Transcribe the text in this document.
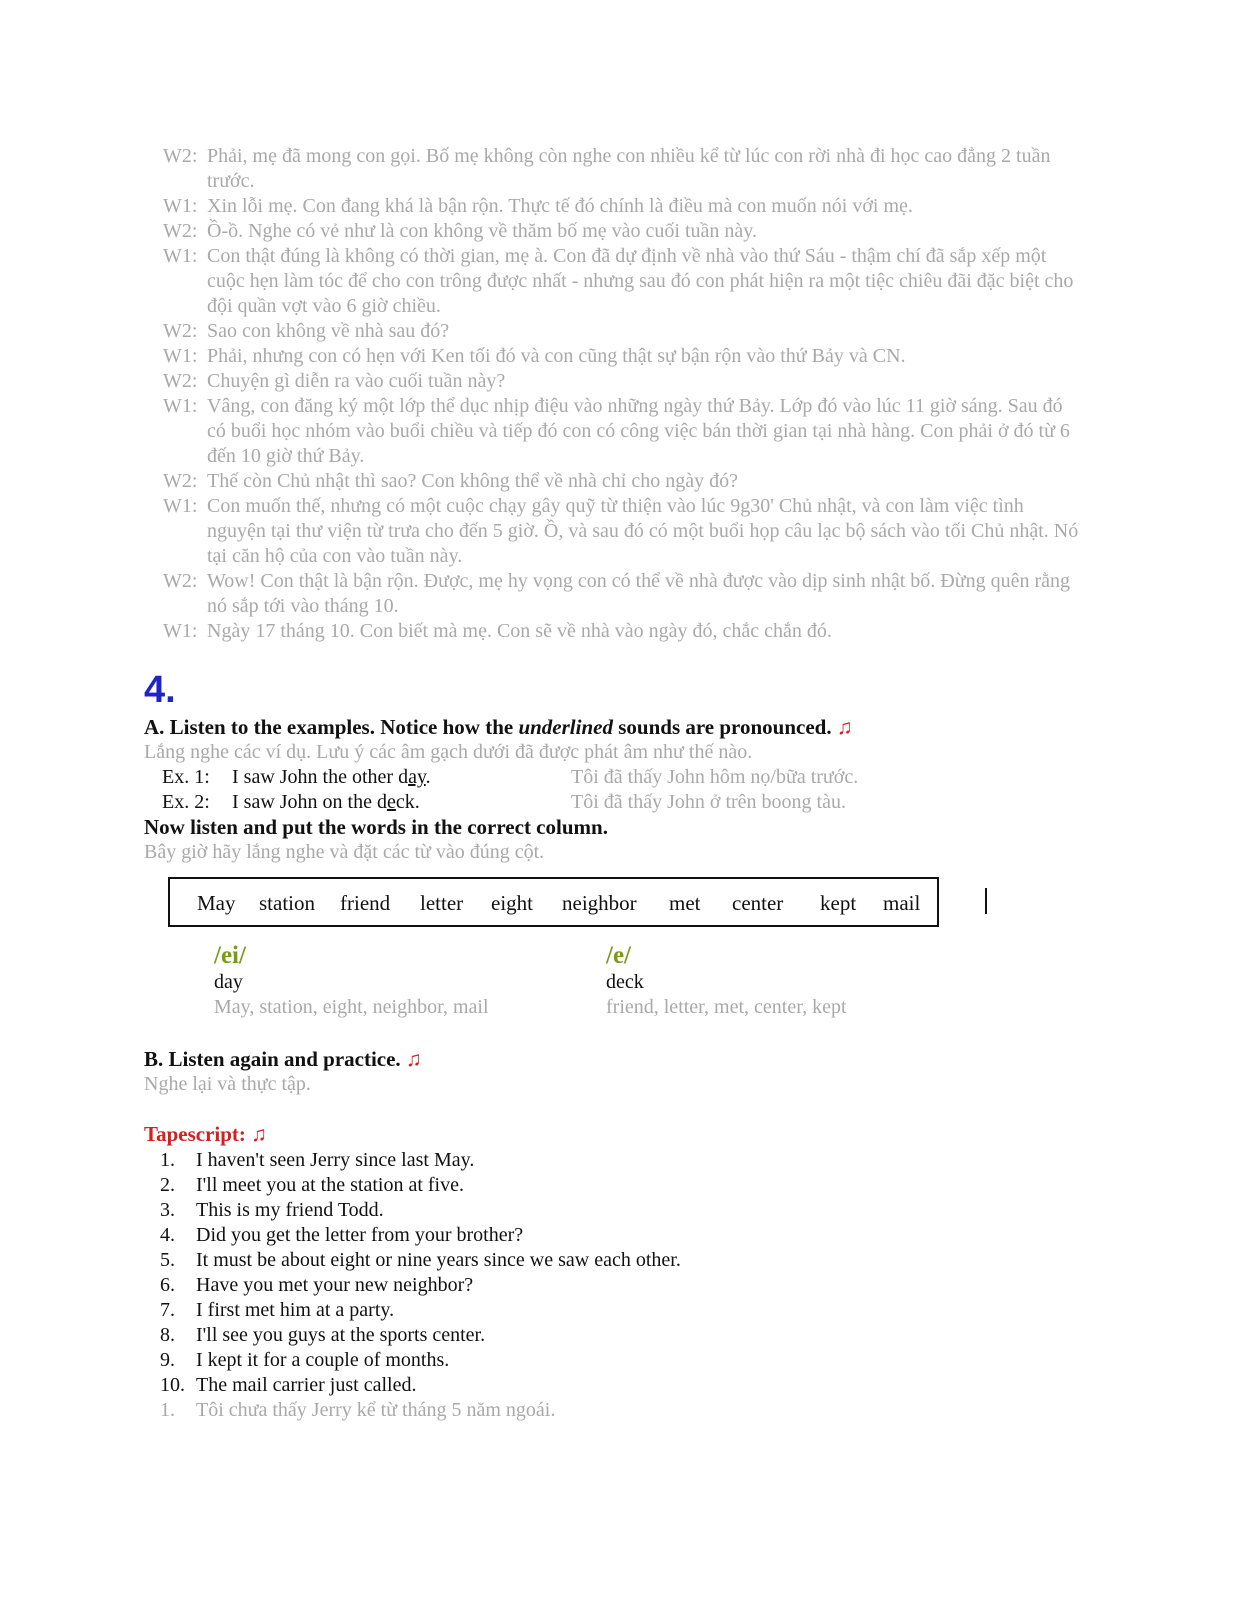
W2: Phải, mẹ đã mong con gọi. Bố mẹ không còn nghe con nhiều kể từ lúc con rời nhà đi học cao đẳng 2 tuần trước.
W1: Xin lỗi mẹ. Con đang khá là bận rộn. Thực tế đó chính là điều mà con muốn nói với mẹ.
W2: Ồ-ồ. Nghe có vẻ như là con không về thăm bố mẹ vào cuối tuần này.
W1: Con thật đúng là không có thời gian, mẹ à. Con đã dự định về nhà vào thứ Sáu - thậm chí đã sắp xếp một cuộc hẹn làm tóc để cho con trông được nhất - nhưng sau đó con phát hiện ra một tiệc chiêu đãi đặc biệt cho đội quần vợt vào 6 giờ chiều.
W2: Sao con không về nhà sau đó?
W1: Phải, nhưng con có hẹn với Ken tối đó và con cũng thật sự bận rộn vào thứ Bảy và CN.
W2: Chuyện gì diễn ra vào cuối tuần này?
W1: Vâng, con đăng ký một lớp thể dục nhịp điệu vào những ngày thứ Bảy. Lớp đó vào lúc 11 giờ sáng. Sau đó có buổi học nhóm vào buổi chiều và tiếp đó con có công việc bán thời gian tại nhà hàng. Con phải ở đó từ 6 đến 10 giờ thứ Bảy.
W2: Thế còn Chủ nhật thì sao? Con không thể về nhà chỉ cho ngày đó?
W1: Con muốn thế, nhưng có một cuộc chạy gây quỹ từ thiện vào lúc 9g30' Chủ nhật, và con làm việc tình nguyện tại thư viện từ trưa cho đến 5 giờ. Ồ, và sau đó có một buổi họp câu lạc bộ sách vào tối Chủ nhật. Nó tại căn hộ của con vào tuần này.
W2: Wow! Con thật là bận rộn. Được, mẹ hy vọng con có thể về nhà được vào dịp sinh nhật bố. Đừng quên rằng nó sắp tới vào tháng 10.
W1: Ngày 17 tháng 10. Con biết mà mẹ. Con sẽ về nhà vào ngày đó, chắc chắn đó.
4.
A. Listen to the examples. Notice how the underlined sounds are pronounced. ♫
Lắng nghe các ví dụ. Lưu ý các âm gạch dưới đã được phát âm như thế nào.
Ex. 1: I saw John the other day.	Tôi đã thấy John hôm nọ/bữa trước.
Ex. 2: I saw John on the deck.	Tôi đã thấy John ở trên boong tàu.
Now listen and put the words in the correct column.
Bây giờ hãy lắng nghe và đặt các từ vào đúng cột.
May station friend letter eight neighbor met center kept mail
/ei/
day
May, station, eight, neighbor, mail
/e/
deck
friend, letter, met, center, kept
B. Listen again and practice. ♫
Nghe lại và thực tập.
Tapescript: ♫
1.	I haven't seen Jerry since last May.
2.	I'll meet you at the station at five.
3.	This is my friend Todd.
4.	Did you get the letter from your brother?
5.	It must be about eight or nine years since we saw each other.
6.	Have you met your new neighbor?
7.	I first met him at a party.
8.	I'll see you guys at the sports center.
9.	I kept it for a couple of months.
10. The mail carrier just called.
1.	Tôi chưa thấy Jerry kể từ tháng 5 năm ngoái.
